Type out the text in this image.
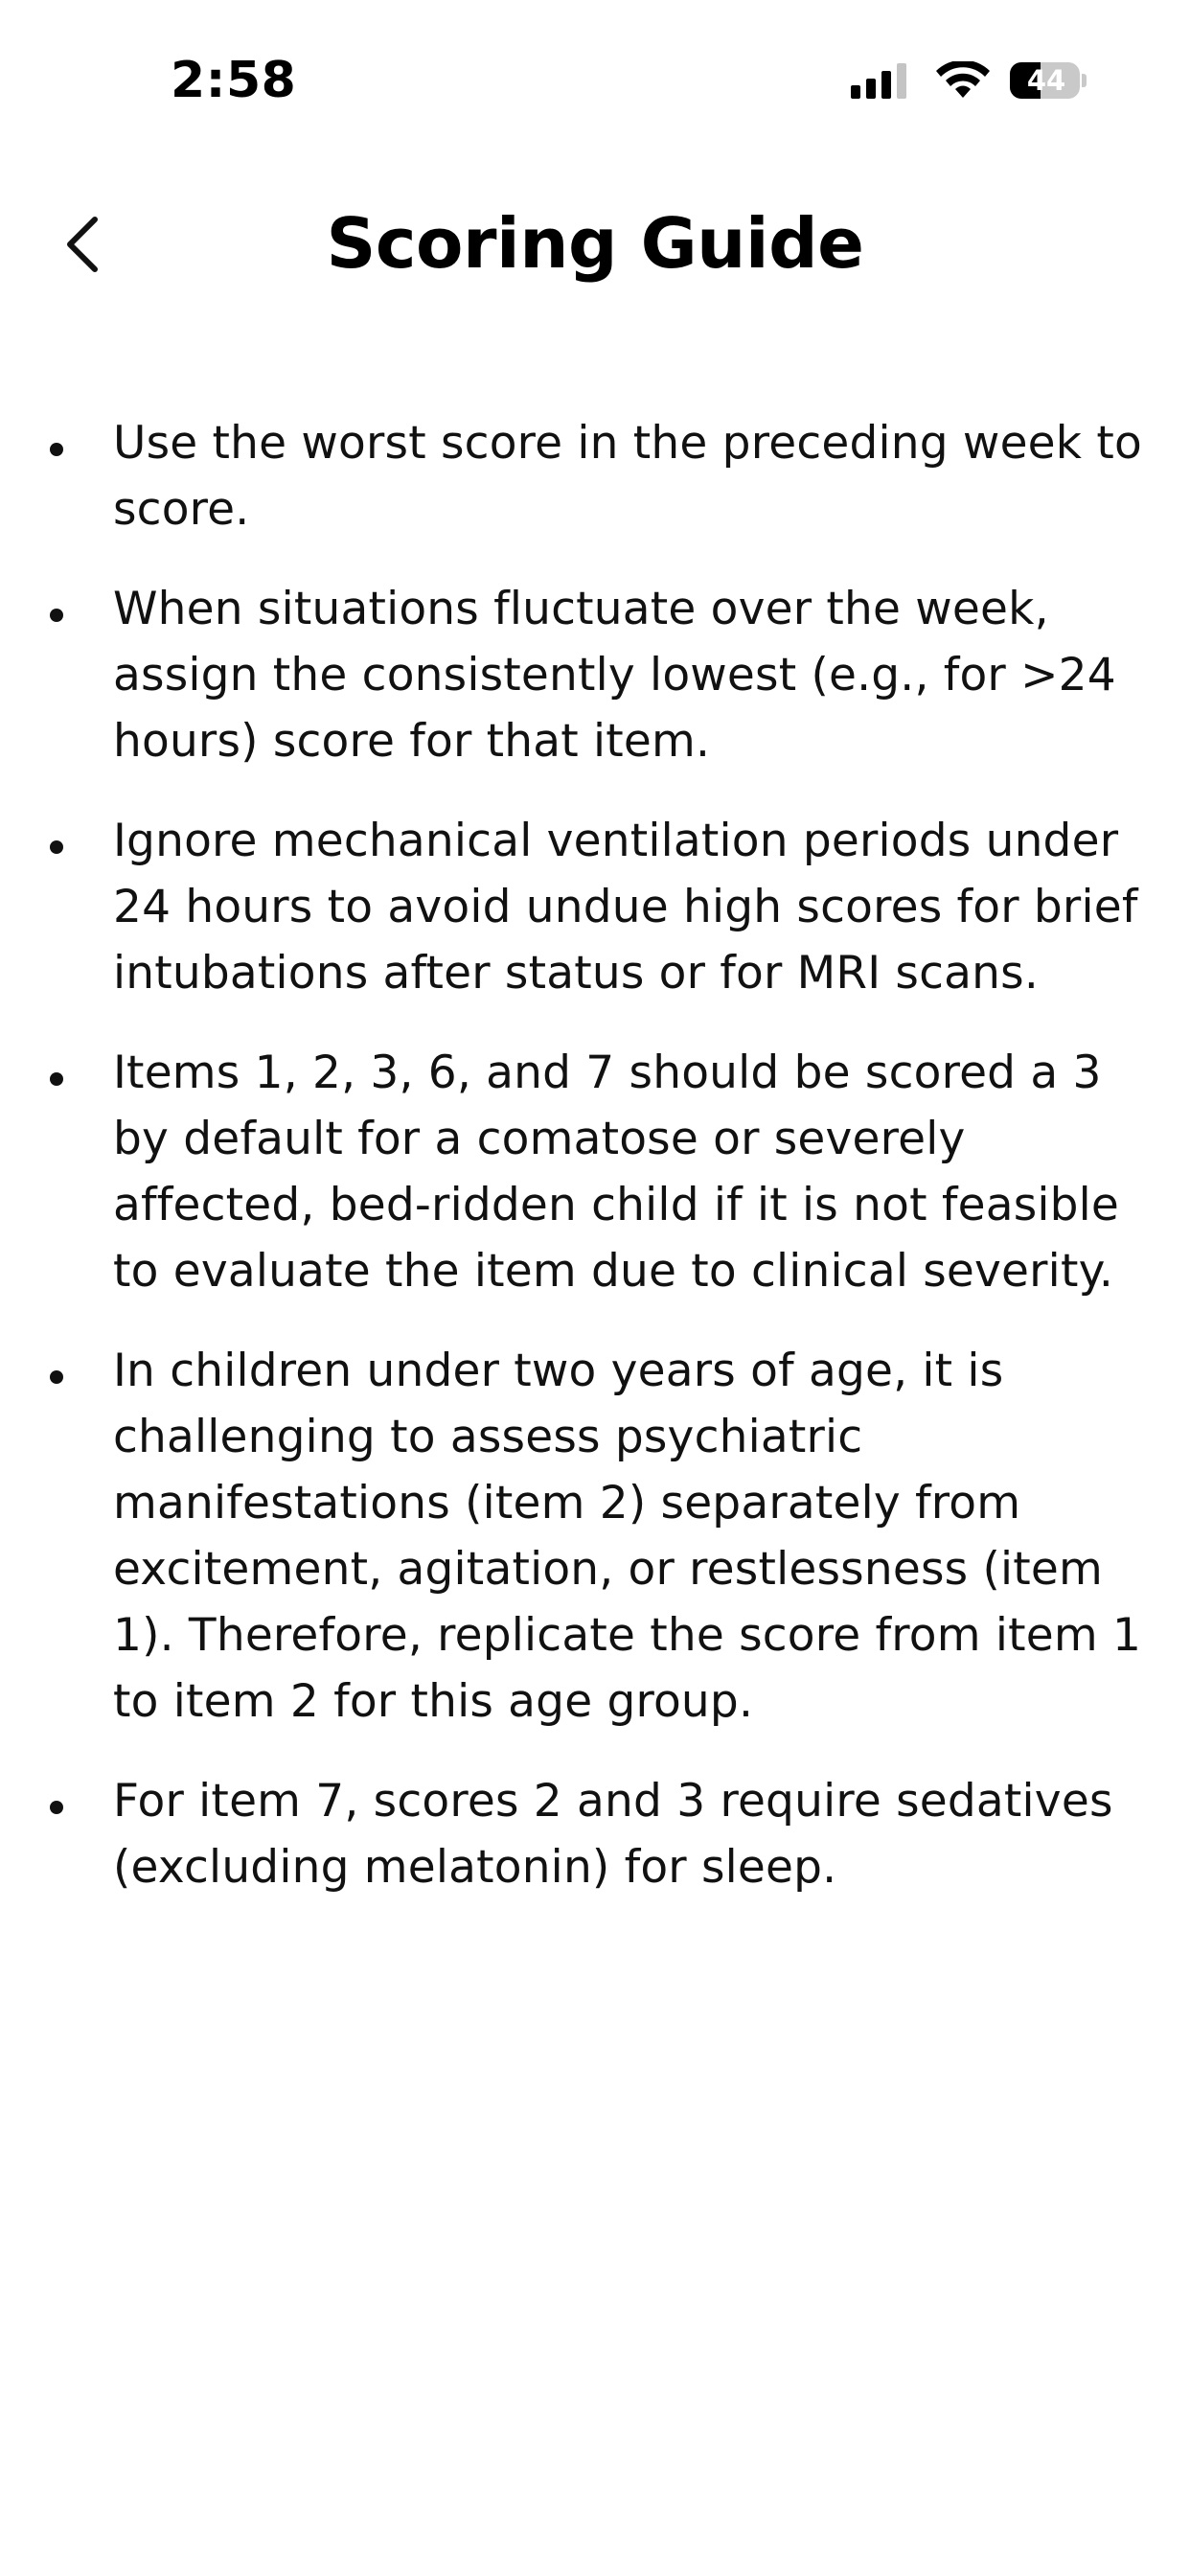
2:58	44
Scoring Guide
Use the worst score in the preceding week to score.
When situations fluctuate over the week, assign the consistently lowest (e.g., for >24 hours) score for that item.
Ignore mechanical ventilation periods under 24 hours to avoid undue high scores for brief intubations after status or for MRI scans.
Items 1, 2, 3, 6, and 7 should be scored a 3 by default for a comatose or severely affected, bed-ridden child if it is not feasible to evaluate the item due to clinical severity.
In children under two years of age, it is challenging to assess psychiatric manifestations (item 2) separately from excitement, agitation, or restlessness (item 1). Therefore, replicate the score from item 1 to item 2 for this age group.
For item 7, scores 2 and 3 require sedatives (excluding melatonin) for sleep.
